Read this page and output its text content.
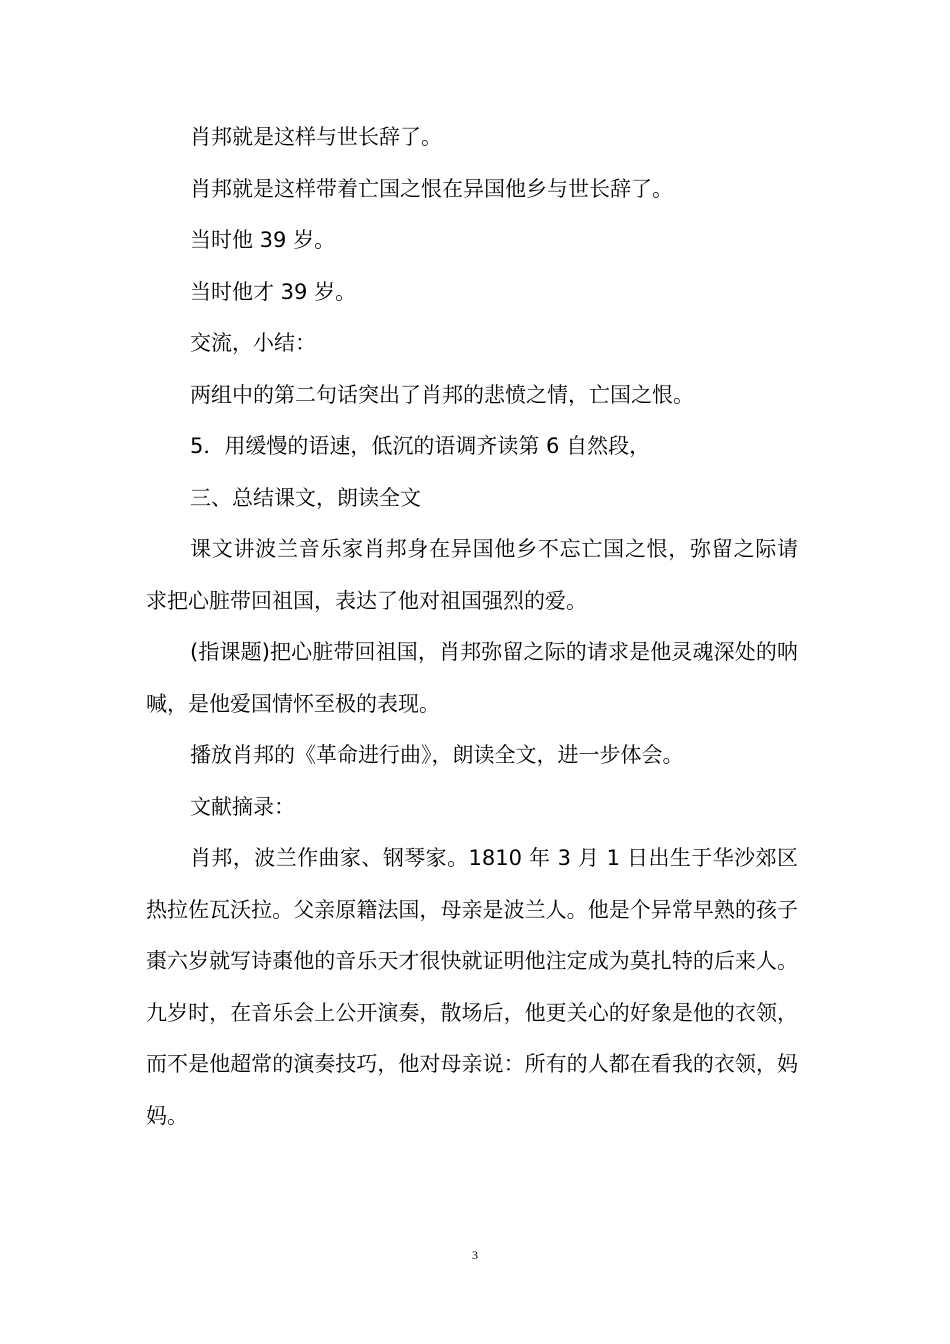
肖邦就是这样与世长辞了。

肖邦就是这样带着亡国之恨在异国他乡与世长辞了。

当时他 39 岁。

当时他才 39 岁。

交流，小结：

两组中的第二句话突出了肖邦的悲愤之情，亡国之恨。

5．用缓慢的语速，低沉的语调齐读第 6 自然段，

三、总结课文，朗读全文

课文讲波兰音乐家肖邦身在异国他乡不忘亡国之恨，弥留之际请求把心脏带回祖国，表达了他对祖国强烈的爱。

(指课题)把心脏带回祖国，肖邦弥留之际的请求是他灵魂深处的呐喊，是他爱国情怀至极的表现。

播放肖邦的《革命进行曲》，朗读全文，进一步体会。

文献摘录：

肖邦，波兰作曲家、钢琴家。1810 年 3 月 1 日出生于华沙郊区热拉佐瓦沃拉。父亲原籍法国，母亲是波兰人。他是个异常早熟的孩子棗六岁就写诗棗他的音乐天才很快就证明他注定成为莫扎特的后来人。九岁时，在音乐会上公开演奏，散场后，他更关心的好象是他的衣领，而不是他超常的演奏技巧，他对母亲说：所有的人都在看我的衣领，妈妈。

3
